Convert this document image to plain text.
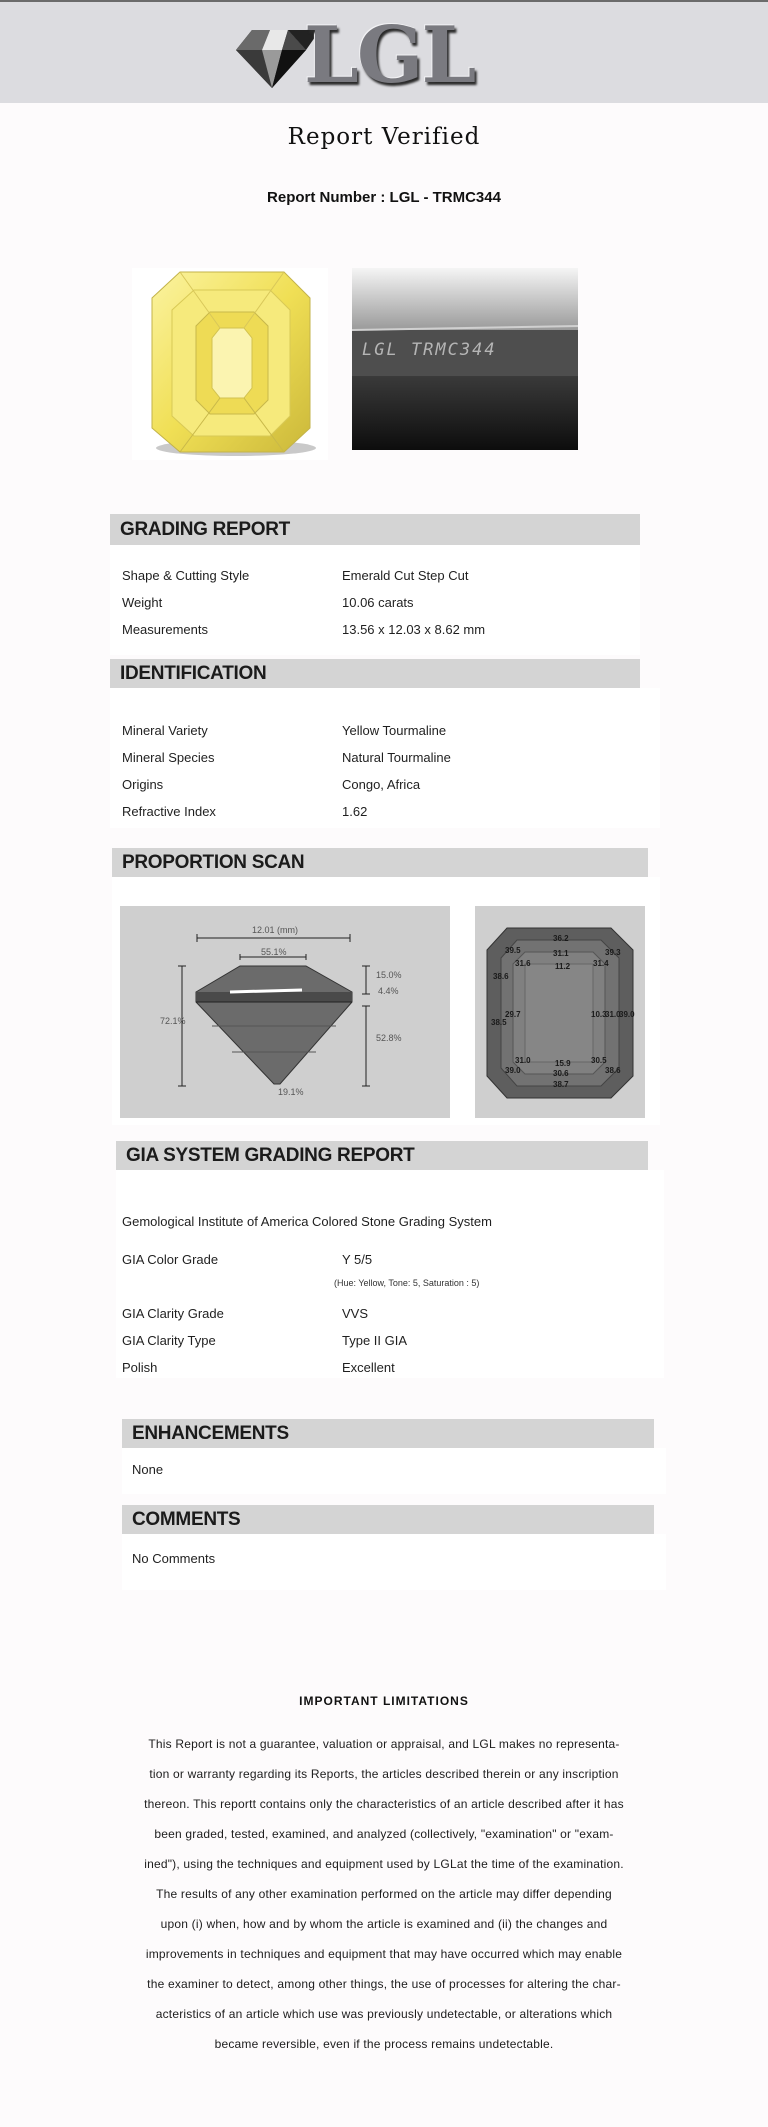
LGL
Report Verified
Report Number : LGL - TRMC344
LGL TRMC344
GRADING REPORT
Shape & Cutting Style	Emerald Cut Step Cut
Weight	10.06 carats
Measurements	13.56 x 12.03 x 8.62 mm
IDENTIFICATION
Mineral Variety	Yellow Tourmaline
Mineral Species	Natural Tourmaline
Origins	Congo, Africa
Refractive Index	1.62
PROPORTION SCAN
12.01 (mm)
55.1%
15.0%
4.4%
52.8%
72.1%
19.1%
39.5
36.2
39.3
31.6
31.1
31.4
11.2
38.6
29.7
38.5
10.3
31.0
39.0
31.0	15.9	30.5
39.0	30.6	38.6
38.7
GIA SYSTEM GRADING REPORT
Gemological Institute of America Colored Stone Grading System
GIA Color Grade	Y 5/5
(Hue: Yellow, Tone: 5, Saturation : 5)
GIA Clarity Grade	VVS
GIA Clarity Type	Type II GIA
Polish	Excellent
ENHANCEMENTS
None
COMMENTS
No Comments
IMPORTANT LIMITATIONS
This Report is not a guarantee, valuation or appraisal, and LGL makes no representa-
tion or warranty regarding its Reports, the articles described therein or any inscription
thereon. This reportt contains only the characteristics of an article described after it has
been graded, tested, examined, and analyzed (collectively, "examination" or "exam-
ined"), using the techniques and equipment used by LGLat the time of the examination.
The results of any other examination performed on the article may differ depending
upon (i) when, how and by whom the article is examined and (ii) the changes and
improvements in techniques and equipment that may have occurred which may enable
the examiner to detect, among other things, the use of processes for altering the char-
acteristics of an article which use was previously undetectable, or alterations which
became reversible, even if the process remains undetectable.
